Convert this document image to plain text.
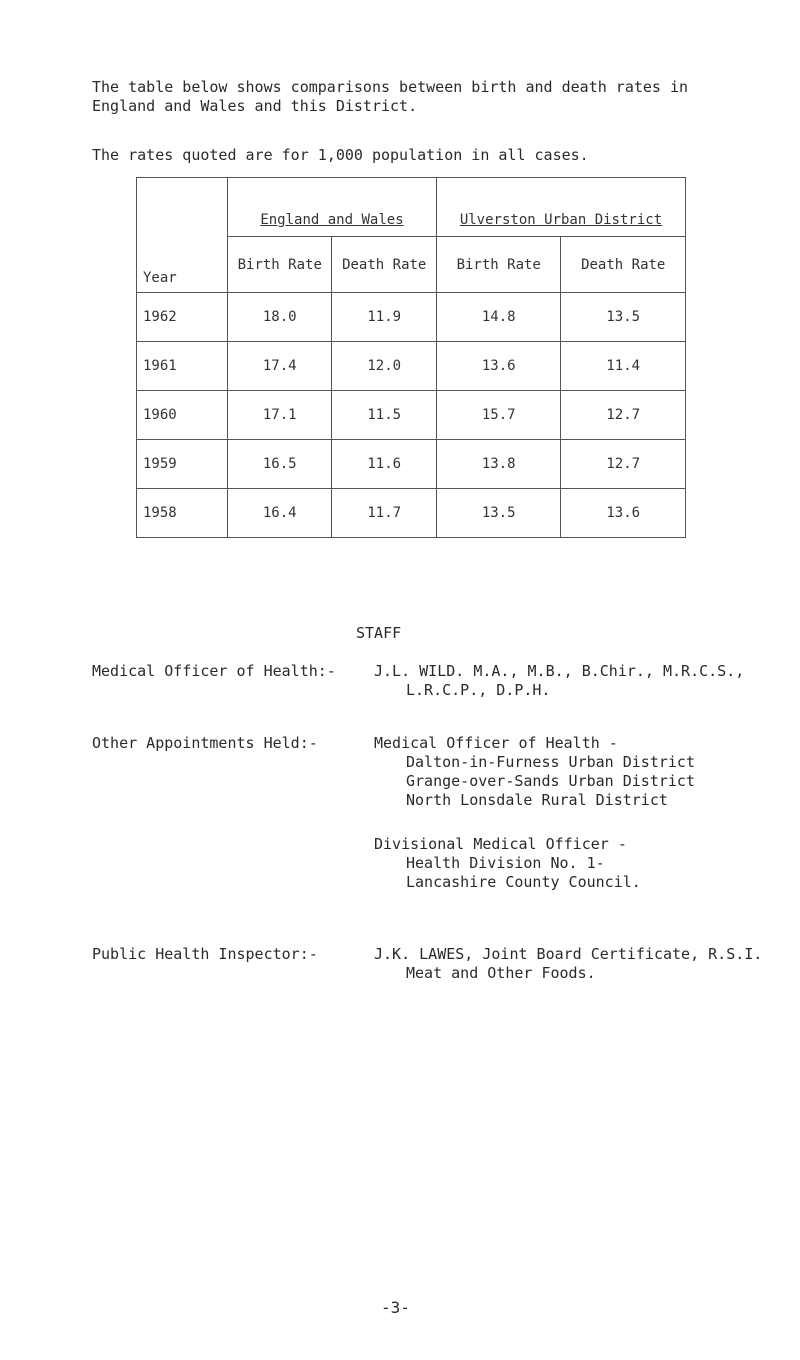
The table below shows comparisons between birth and death rates in England and Wales and this District.

The rates quoted are for 1,000 population in all cases.

Year	England and Wales		Ulverston Urban District	
	Birth Rate	Death Rate	Birth Rate	Death Rate
1962	18.0	11.9	14.8	13.5
1961	17.4	12.0	13.6	11.4
1960	17.1	11.5	15.7	12.7
1959	16.5	11.6	13.8	12.7
1958	16.4	11.7	13.5	13.6
STAFF
Medical Officer of Health:-	J.L. WILD. M.A., M.B., B.Chir., M.R.C.S.,
L.R.C.P., D.P.H.
Other Appointments Held:-	Medical Officer of Health -
Dalton-in-Furness Urban District
Grange-over-Sands Urban District
North Lonsdale Rural District
Divisional Medical Officer -
Health Division No. 1-
Lancashire County Council.
Public Health Inspector:-	J.K. LAWES, Joint Board Certificate, R.S.I.
Meat and Other Foods.
-3-
